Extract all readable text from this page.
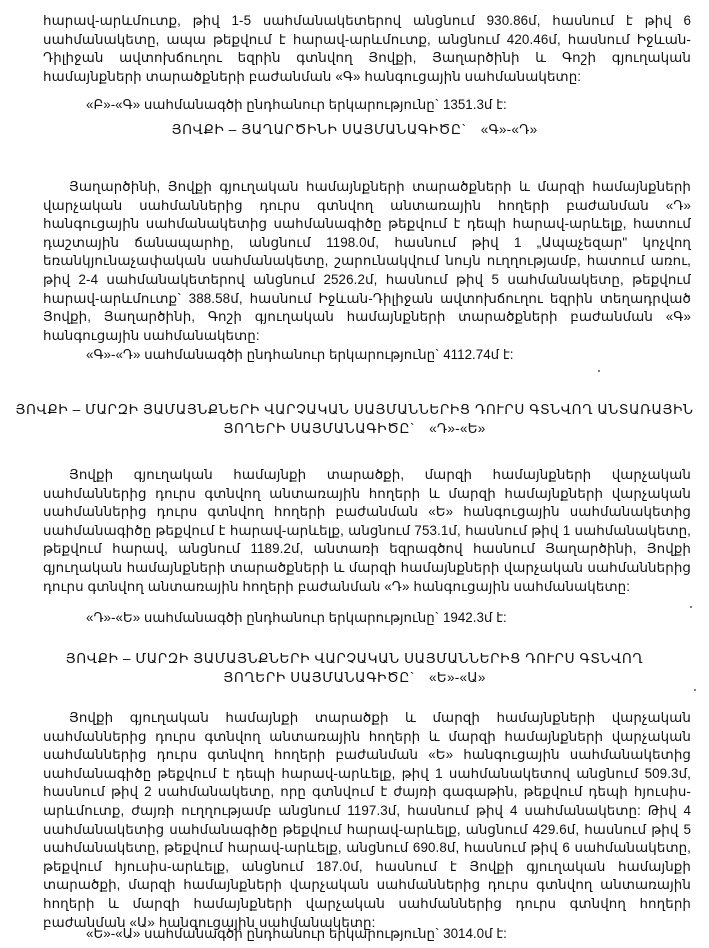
հարավ-արևմուտք, թիվ 1-5 սահմանակետերով անցնում 930.86մ, հասնում է թիվ 6 սահմանակետը, ապա թեքվում է հարավ-արևմուտք, անցնում 420.46մ, հասնում Իջևան-Դիլիջան ավտոխճուղու եզրին գտնվող Յովքի, Յաղարծինի և Գոշի գյուղական համայնքների տարածքների բաժանման «Գ» հանգուցային սահմանակետը:
«Բ»-«Գ» սահմանագծի ընդհանուր երկարությունը` 1351.3մ է:
ՅՈՎՔԻ – ՅԱՂԱՐԾԻՆԻ ՍԱՅՄԱՆԱԳԻԾԸ` «Գ»-«Դ»
Յաղարծինի, Յովքի գյուղական համայնքների տարածքների և մարզի համայնքների վարչական սահմաններից դուրս գտնվող անտառային հողերի բաժանման «Դ» հանգուցային սահմանակետից սահմանագիծը թեքվում է դեպի հարավ-արևելք, հատում դաշտային ճանապարհը, անցնում 1198.0մ, հասնում թիվ 1 „Ապաչեզար" կոչվող եռանկյունաչափական սահմանակետը, շարունակվում նույն ուղղությամբ, հատում առու, թիվ 2-4 սահմանակետերով անցնում 2526.2մ, հասնում թիվ 5 սահմանակետը, թեքվում հարավ-արևմուտք` 388.58մ, հասնում Իջևան-Դիլիջան ավտոխճուղու եզրին տեղադրված Յովքի, Յաղարծինի, Գոշի գյուղական համայնքների տարածքների բաժանման «Գ» հանգուցային սահմանակետը:
«Գ»-«Դ» սահմանագծի ընդհանուր երկարությունը` 4112.74մ է:
ՅՈՎՔԻ – ՄԱՐԶԻ ՅԱՄԱՅՆՔՆԵՐԻ ՎԱՐՉԱԿԱՆ ՍԱՅՄԱՆՆԵՐԻՑ ԴՈՒՐՍ ԳՏՆՎՈՂ ԱՆՏԱՌԱՅԻՆ
ՅՈՂԵՐԻ ՍԱՅՄԱՆԱԳԻԾԸ` «Դ»-«Ե»
Յովքի գյուղական համայնքի տարածքի, մարզի համայնքների վարչական սահմաններից դուրս գտնվող անտառային հողերի և մարզի համայնքների վարչական սահմաններից դուրս գտնվող հողերի բաժանման «Ե» հանգուցային սահմանակետից սահմանագիծը թեքվում է հարավ-արևելք, անցնում 753.1մ, հասնում թիվ 1 սահմանակետը, թեքվում հարավ, անցնում 1189.2մ, անտառի եզրագծով հասնում Յաղարծինի, Յովքի գյուղական համայնքների տարածքների և մարզի համայնքների վարչական սահմաններից դուրս գտնվող անտառային հողերի բաժանման «Դ» հանգուցային սահմանակետը:
«Դ»-«Ե» սահմանագծի ընդհանուր երկարությունը` 1942.3մ է:
ՅՈՎՔԻ – ՄԱՐԶԻ ՅԱՄԱՅՆՔՆԵՐԻ ՎԱՐՉԱԿԱՆ ՍԱՅՄԱՆՆԵՐԻՑ ԴՈՒՐՍ ԳՏՆՎՈՂ
ՅՈՂԵՐԻ ՍԱՅՄԱՆԱԳԻԾԸ` «Ե»-«Ա»
Յովքի գյուղական համայնքի տարածքի և մարզի համայնքների վարչական սահմաններից դուրս գտնվող անտառային հողերի և մարզի համայնքների վարչական սահմաններից դուրս գտնվող հողերի բաժանման «Ե» հանգուցային սահմանակետից սահմանագիծը թեքվում է դեպի հարավ-արևելք, թիվ 1 սահմանակետով անցնում 509.3մ, հասնում թիվ 2 սահմանակետը, որը գտնվում է ժայռի գագաթին, թեքվում դեպի հյուսիս-արևմուտք, ժայռի ուղղությամբ անցնում 1197.3մ, հասնում թիվ 4 սահմանակետը: Թիվ 4 սահմանակետից սահմանագիծը թեքվում հարավ-արևելք, անցնում 429.6մ, հասնում թիվ 5 սահմանակետը, թեքվում հարավ-արևելք, անցնում 690.8մ, հասնում թիվ 6 սահմանակետը, թեքվում հյուսիս-արևելք, անցնում 187.0մ, հասնում է Յովքի գյուղական համայնքի տարածքի, մարզի համայնքների վարչական սահմաններից դուրս գտնվող անտառային հողերի և մարզի համայնքների վարչական սահմաններից դուրս գտնվող հողերի բաժանման «Ա» հանգուցային սահմանակետը:
«Ե»-«Ա» սահմանագծի ընդհանուր երկարությունը` 3014.0մ է:
